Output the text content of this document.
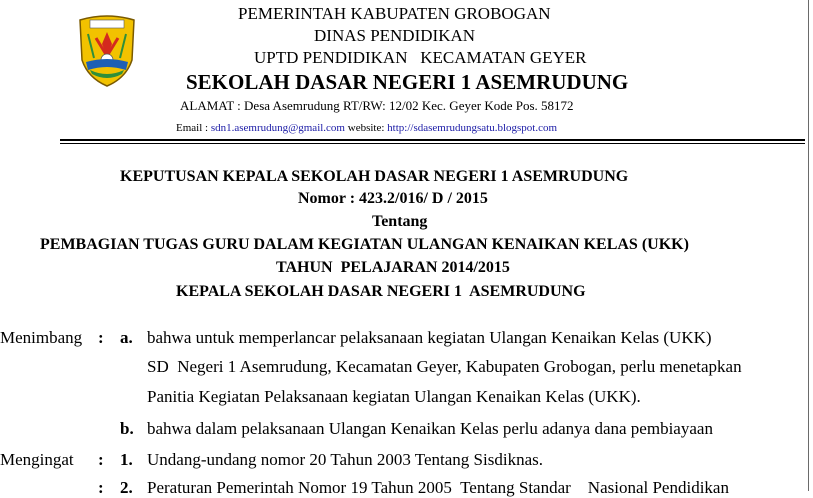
PEMERINTAH KABUPATEN GROBOGAN
DINAS PENDIDIKAN
UPTD PENDIDIKAN   KECAMATAN GEYER
SEKOLAH DASAR NEGERI 1 ASEMRUDUNG
ALAMAT : Desa Asemrudung RT/RW: 12/02 Kec. Geyer Kode Pos. 58172
Email : sdn1.asemrudung@gmail.com website: http://sdasemrudungsatu.blogspot.com
KEPUTUSAN KEPALA SEKOLAH DASAR NEGERI 1 ASEMRUDUNG
Nomor : 423.2/016/ D / 2015
Tentang
PEMBAGIAN TUGAS GURU DALAM KEGIATAN ULANGAN KENAIKAN KELAS (UKK)
TAHUN  PELAJARAN 2014/2015
KEPALA SEKOLAH DASAR NEGERI 1  ASEMRUDUNG
Menimbang : a. bahwa untuk memperlancar pelaksanaan kegiatan Ulangan Kenaikan Kelas (UKK)
SD  Negeri 1 Asemrudung, Kecamatan Geyer, Kabupaten Grobogan, perlu menetapkan
Panitia Kegiatan Pelaksanaan kegiatan Ulangan Kenaikan Kelas (UKK).
b. bahwa dalam pelaksanaan Ulangan Kenaikan Kelas perlu adanya dana pembiayaan
Mengingat : 1. Undang-undang nomor 20 Tahun 2003 Tentang Sisdiknas.
: 2. Peraturan Pemerintah Nomor 19 Tahun 2005  Tentang Standar    Nasional Pendidikan
